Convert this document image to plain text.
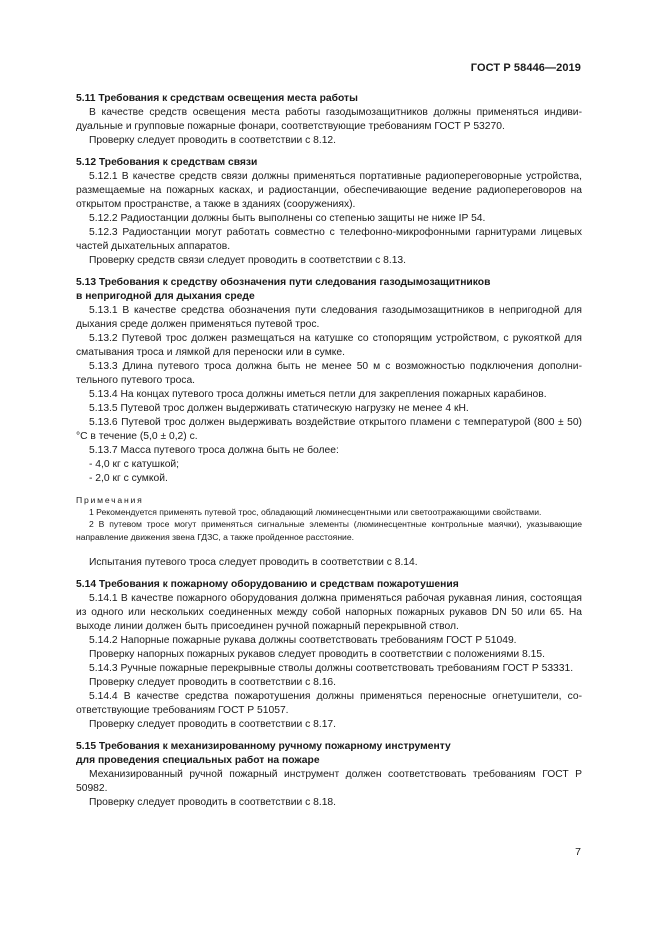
ГОСТ Р 58446—2019

5.11 Требования к средствам освещения места работы

В качестве средств освещения места работы газодымозащитников должны применяться индивидуальные и групповые пожарные фонари, соответствующие требованиям ГОСТ Р 53270.

Проверку следует проводить в соответствии с 8.12.

5.12 Требования к средствам связи

5.12.1 В качестве средств связи должны применяться портативные радиопереговорные устройства, размещаемые на пожарных касках, и радиостанции, обеспечивающие ведение радиопереговоров на открытом пространстве, а также в зданиях (сооружениях).

5.12.2 Радиостанции должны быть выполнены со степенью защиты не ниже IP 54.

5.12.3 Радиостанции могут работать совместно с телефонно-микрофонными гарнитурами лицевых частей дыхательных аппаратов.

Проверку средств связи следует проводить в соответствии с 8.13.

5.13 Требования к средству обозначения пути следования газодымозащитников
в непригодной для дыхания среде

5.13.1 В качестве средства обозначения пути следования газодымозащитников в непригодной для дыхания среде должен применяться путевой трос.

5.13.2 Путевой трос должен размещаться на катушке со стопорящим устройством, с рукояткой для сматывания троса и лямкой для переноски или в сумке.

5.13.3 Длина путевого троса должна быть не менее 50 м с возможностью подключения дополнительного путевого троса.

5.13.4 На концах путевого троса должны иметься петли для закрепления пожарных карабинов.

5.13.5 Путевой трос должен выдерживать статическую нагрузку не менее 4 кН.

5.13.6 Путевой трос должен выдерживать воздействие открытого пламени с температурой (800 ± 50) °С в течение (5,0 ± 0,2) с.

5.13.7 Масса путевого троса должна быть не более:

- 4,0 кг с катушкой;

- 2,0 кг с сумкой.

Примечания

1 Рекомендуется применять путевой трос, обладающий люминесцентными или светоотражающими свойствами.

2 В путевом тросе могут применяться сигнальные элементы (люминесцентные контрольные маячки), указывающие направление движения звена ГДЗС, а также пройденное расстояние.

Испытания путевого троса следует проводить в соответствии с 8.14.

5.14 Требования к пожарному оборудованию и средствам пожаротушения

5.14.1 В качестве пожарного оборудования должна применяться рабочая рукавная линия, состоящая из одного или нескольких соединенных между собой напорных пожарных рукавов DN 50 или 65. На выходе линии должен быть присоединен ручной пожарный перекрывной ствол.

5.14.2 Напорные пожарные рукава должны соответствовать требованиям ГОСТ Р 51049.

Проверку напорных пожарных рукавов следует проводить в соответствии с положениями 8.15.

5.14.3 Ручные пожарные перекрывные стволы должны соответствовать требованиям ГОСТ Р 53331.

Проверку следует проводить в соответствии с 8.16.

5.14.4 В качестве средства пожаротушения должны применяться переносные огнетушители, соответствующие требованиям ГОСТ Р 51057.

Проверку следует проводить в соответствии с 8.17.

5.15 Требования к механизированному ручному пожарному инструменту
для проведения специальных работ на пожаре

Механизированный ручной пожарный инструмент должен соответствовать требованиям ГОСТ Р 50982.

Проверку следует проводить в соответствии с 8.18.

7
